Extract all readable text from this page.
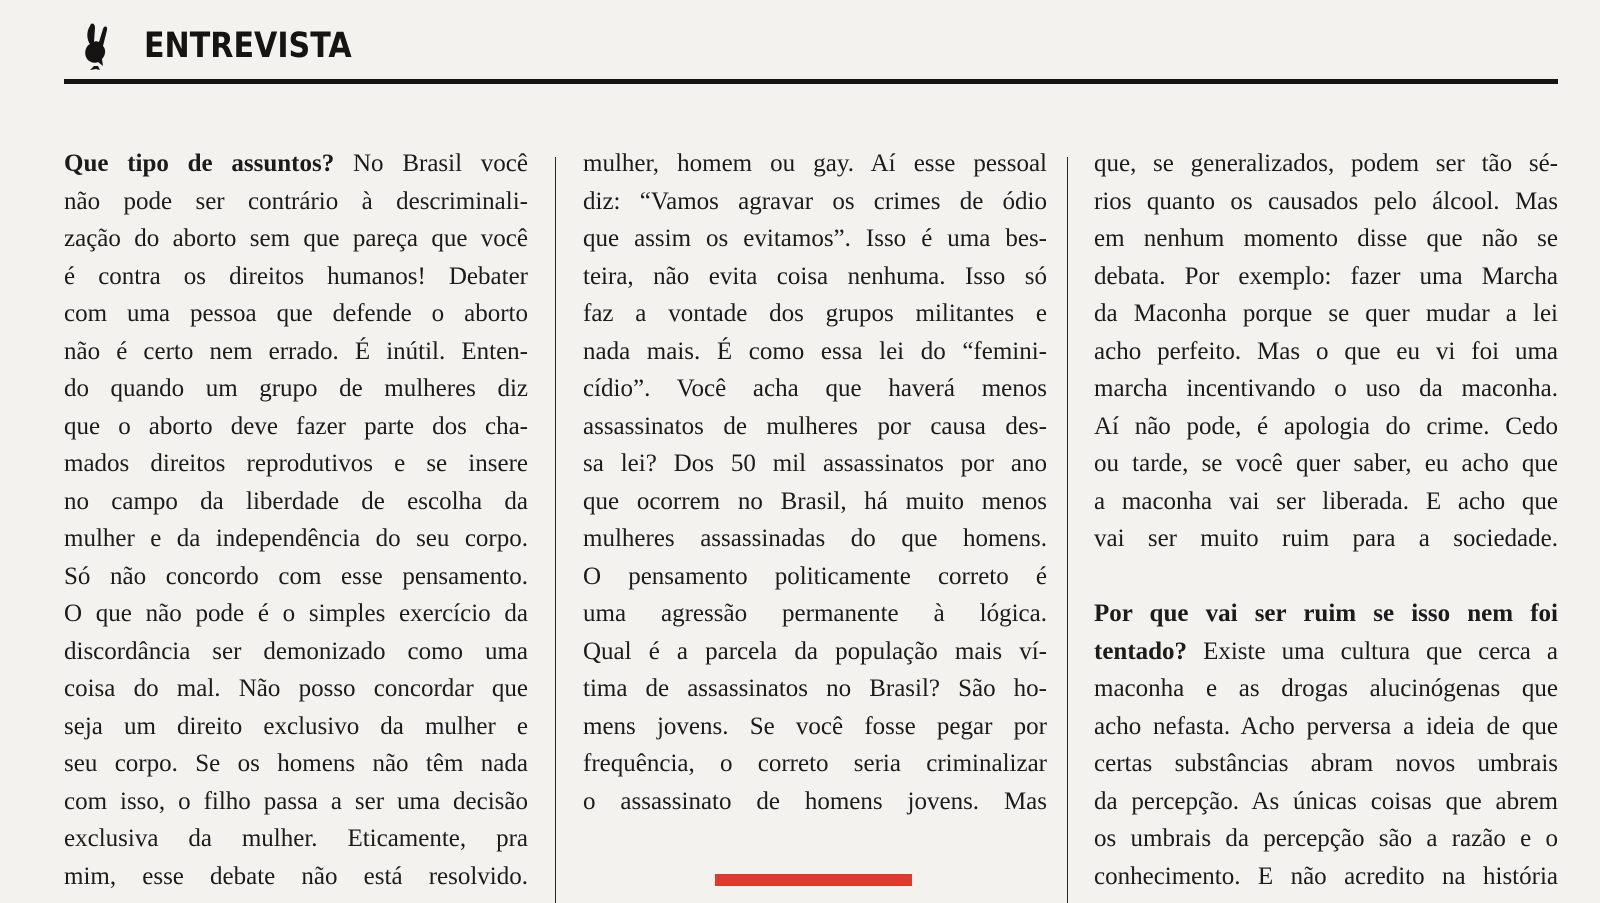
ENTREVISTA
Que tipo de assuntos? No Brasil você
não pode ser contrário à descriminali-
zação do aborto sem que pareça que você
é contra os direitos humanos! Debater
com uma pessoa que defende o aborto
não é certo nem errado. É inútil. Enten-
do quando um grupo de mulheres diz
que o aborto deve fazer parte dos cha-
mados direitos reprodutivos e se insere
no campo da liberdade de escolha da
mulher e da independência do seu corpo.
Só não concordo com esse pensamento.
O que não pode é o simples exercício da
discordância ser demonizado como uma
coisa do mal. Não posso concordar que
seja um direito exclusivo da mulher e
seu corpo. Se os homens não têm nada
com isso, o filho passa a ser uma decisão
exclusiva da mulher. Eticamente, pra
mim, esse debate não está resolvido.
mulher, homem ou gay. Aí esse pessoal
diz: “Vamos agravar os crimes de ódio
que assim os evitamos”. Isso é uma bes-
teira, não evita coisa nenhuma. Isso só
faz a vontade dos grupos militantes e
nada mais. É como essa lei do “femini-
cídio”. Você acha que haverá menos
assassinatos de mulheres por causa des-
sa lei? Dos 50 mil assassinatos por ano
que ocorrem no Brasil, há muito menos
mulheres assassinadas do que homens.
O pensamento politicamente correto é
uma agressão permanente à lógica.
Qual é a parcela da população mais ví-
tima de assassinatos no Brasil? São ho-
mens jovens. Se você fosse pegar por
frequência, o correto seria criminalizar
o assassinato de homens jovens. Mas
que, se generalizados, podem ser tão sé-
rios quanto os causados pelo álcool. Mas
em nenhum momento disse que não se
debata. Por exemplo: fazer uma Marcha
da Maconha porque se quer mudar a lei
acho perfeito. Mas o que eu vi foi uma
marcha incentivando o uso da maconha.
Aí não pode, é apologia do crime. Cedo
ou tarde, se você quer saber, eu acho que
a maconha vai ser liberada. E acho que
vai ser muito ruim para a sociedade.
Por que vai ser ruim se isso nem foi
tentado? Existe uma cultura que cerca a
maconha e as drogas alucinógenas que
acho nefasta. Acho perversa a ideia de que
certas substâncias abram novos umbrais
da percepção. As únicas coisas que abrem
os umbrais da percepção são a razão e o
conhecimento. E não acredito na história
